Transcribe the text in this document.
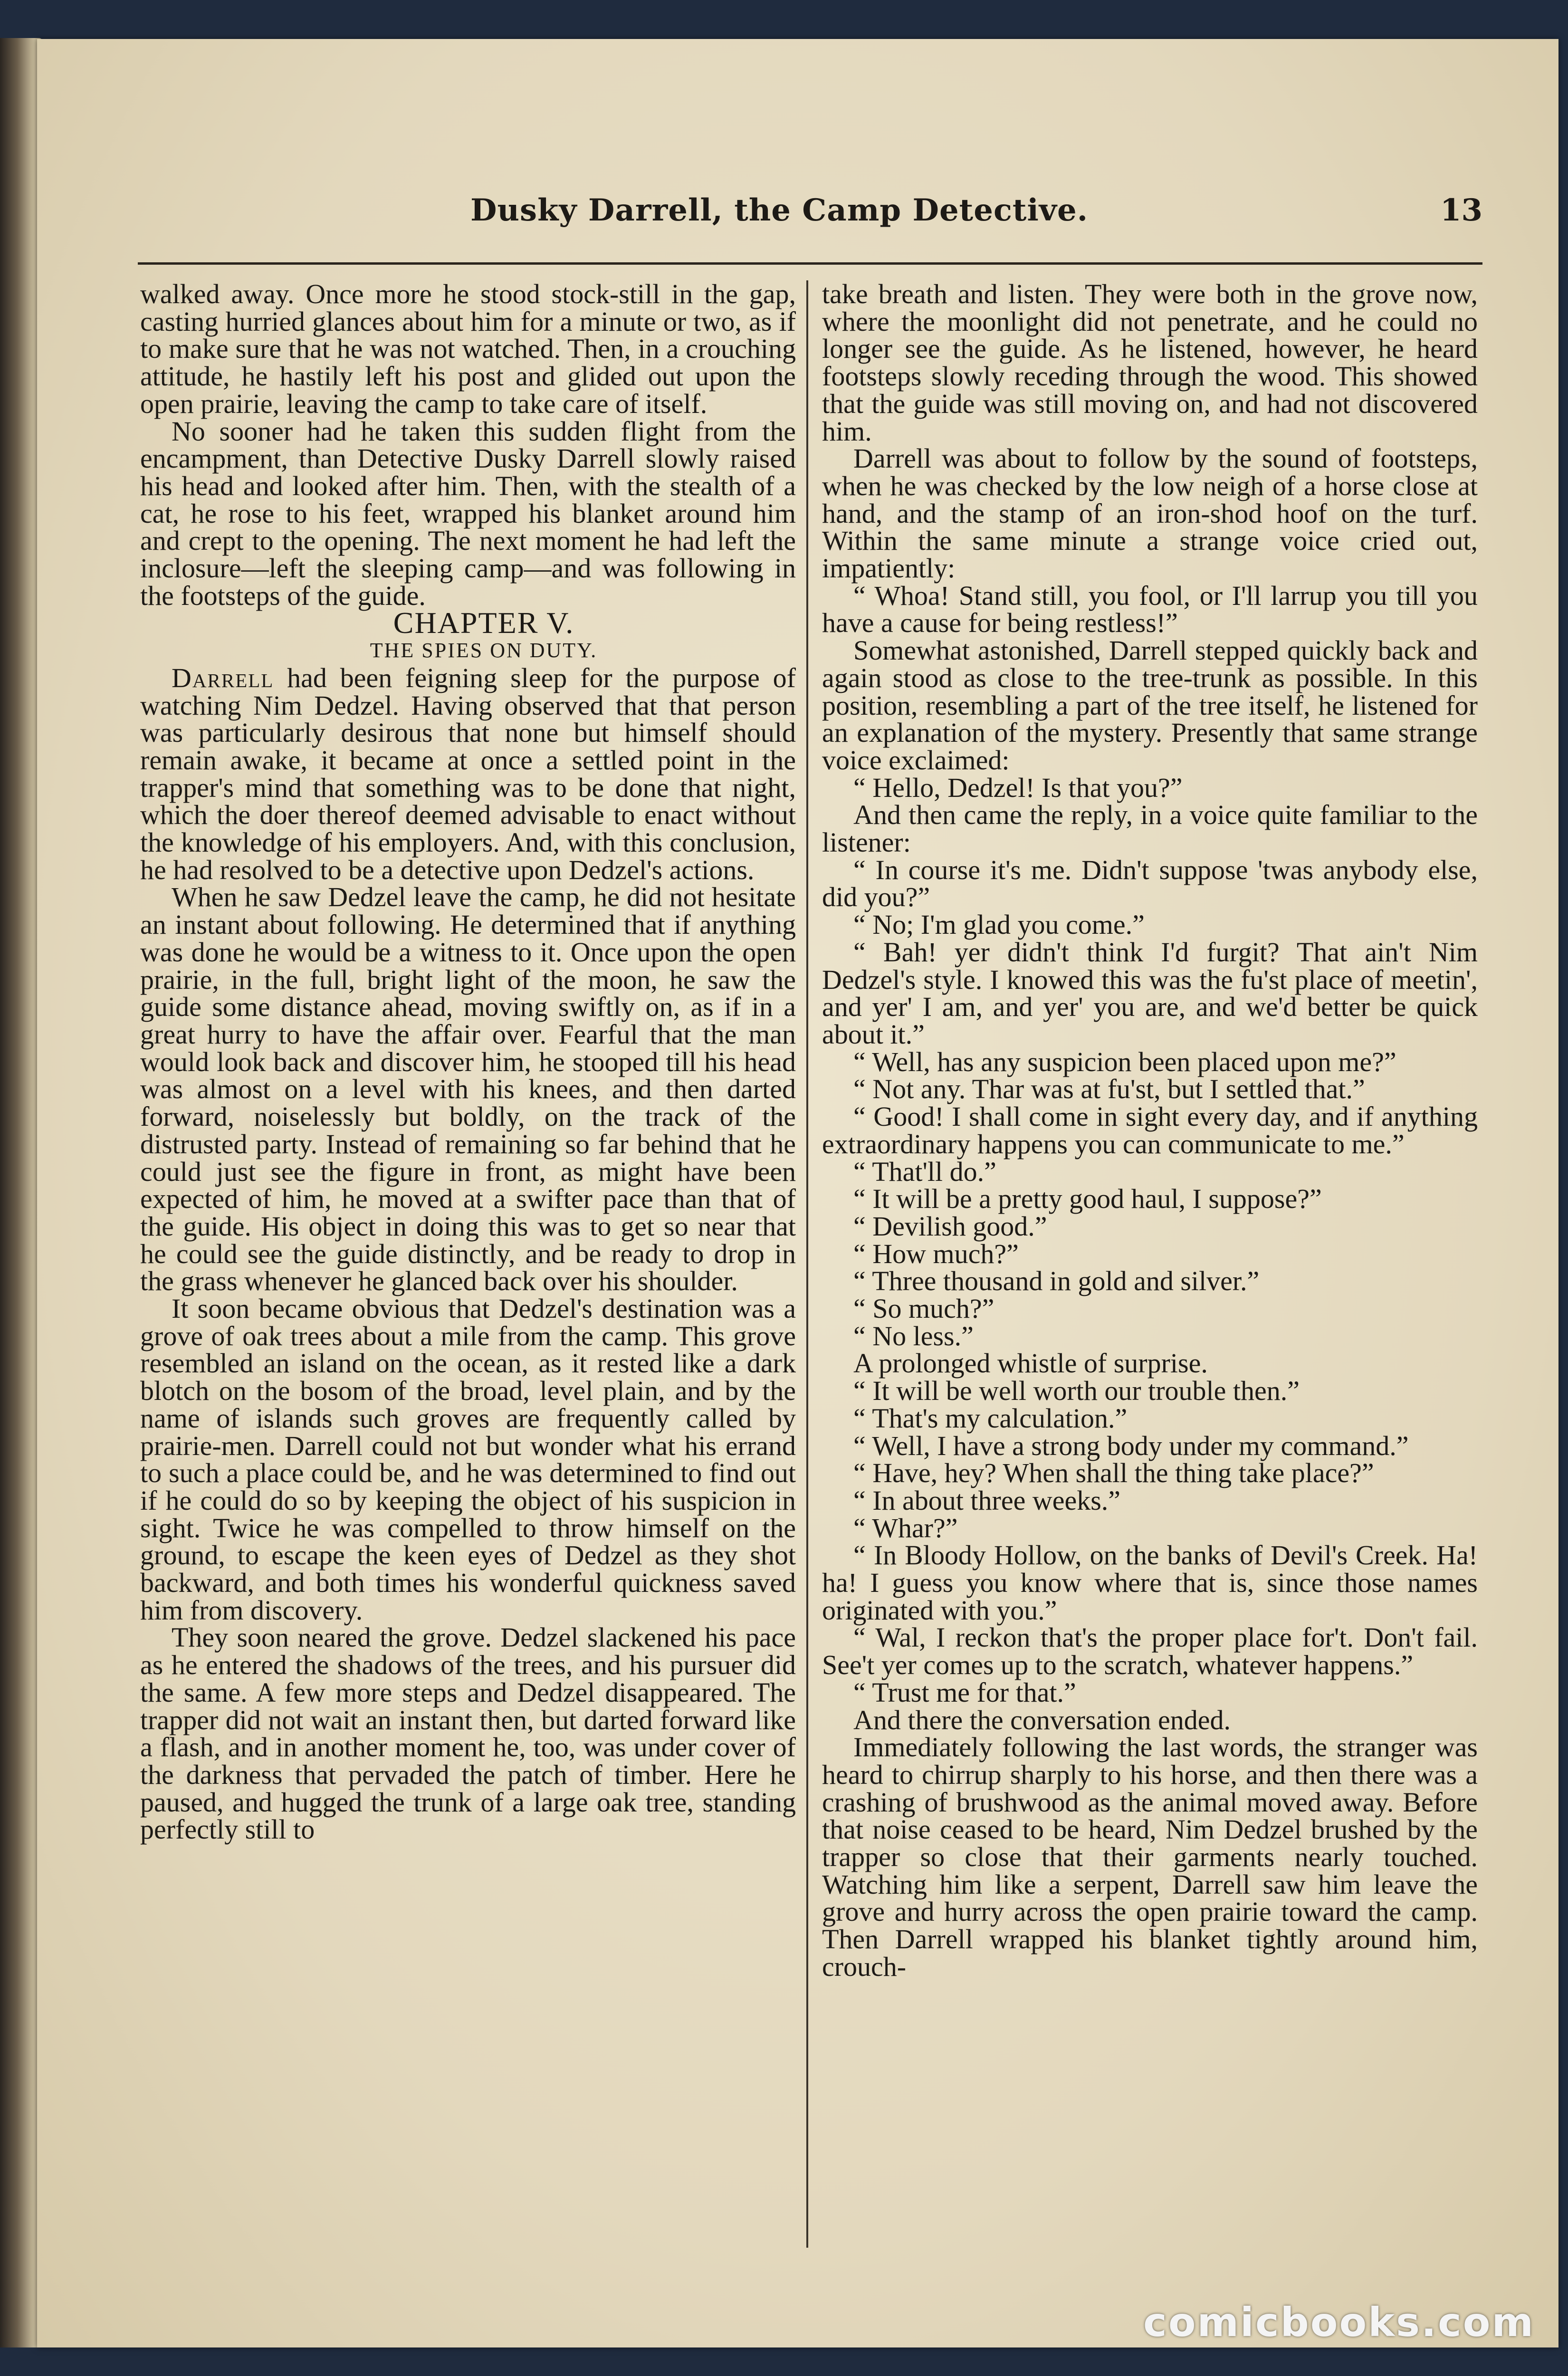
Dusky Darrell, the Camp Detective.	13

walked away. Once more he stood stock-still in the gap, casting hurried glances about him for a minute or two, as if to make sure that he was not watched. Then, in a crouching attitude, he hastily left his post and glided out upon the open prairie, leaving the camp to take care of itself.

No sooner had he taken this sudden flight from the encampment, than Detective Dusky Darrell slowly raised his head and looked after him. Then, with the stealth of a cat, he rose to his feet, wrapped his blanket around him and crept to the opening. The next moment he had left the inclosure—left the sleeping camp—and was following in the footsteps of the guide.

CHAPTER V.

THE SPIES ON DUTY.

Darrell had been feigning sleep for the purpose of watching Nim Dedzel. Having observed that that person was particularly desirous that none but himself should remain awake, it became at once a settled point in the trapper's mind that something was to be done that night, which the doer thereof deemed advisable to enact without the knowledge of his employers. And, with this conclusion, he had resolved to be a detective upon Dedzel's actions.

When he saw Dedzel leave the camp, he did not hesitate an instant about following. He determined that if anything was done he would be a witness to it. Once upon the open prairie, in the full, bright light of the moon, he saw the guide some distance ahead, moving swiftly on, as if in a great hurry to have the affair over. Fearful that the man would look back and discover him, he stooped till his head was almost on a level with his knees, and then darted forward, noiselessly but boldly, on the track of the distrusted party. Instead of remaining so far behind that he could just see the figure in front, as might have been expected of him, he moved at a swifter pace than that of the guide. His object in doing this was to get so near that he could see the guide distinctly, and be ready to drop in the grass whenever he glanced back over his shoulder.

It soon became obvious that Dedzel's destination was a grove of oak trees about a mile from the camp. This grove resembled an island on the ocean, as it rested like a dark blotch on the bosom of the broad, level plain, and by the name of islands such groves are frequently called by prairie-men. Darrell could not but wonder what his errand to such a place could be, and he was determined to find out if he could do so by keeping the object of his suspicion in sight. Twice he was compelled to throw himself on the ground, to escape the keen eyes of Dedzel as they shot backward, and both times his wonderful quickness saved him from discovery.

They soon neared the grove. Dedzel slackened his pace as he entered the shadows of the trees, and his pursuer did the same. A few more steps and Dedzel disappeared. The trapper did not wait an instant then, but darted forward like a flash, and in another moment he, too, was under cover of the darkness that pervaded the patch of timber. Here he paused, and hugged the trunk of a large oak tree, standing perfectly still to

take breath and listen. They were both in the grove now, where the moonlight did not penetrate, and he could no longer see the guide. As he listened, however, he heard footsteps slowly receding through the wood. This showed that the guide was still moving on, and had not discovered him.

Darrell was about to follow by the sound of footsteps, when he was checked by the low neigh of a horse close at hand, and the stamp of an iron-shod hoof on the turf. Within the same minute a strange voice cried out, impatiently:

“ Whoa! Stand still, you fool, or I'll larrup you till you have a cause for being restless!”

Somewhat astonished, Darrell stepped quickly back and again stood as close to the tree-trunk as possible. In this position, resembling a part of the tree itself, he listened for an explanation of the mystery. Presently that same strange voice exclaimed:

“ Hello, Dedzel! Is that you?”

And then came the reply, in a voice quite familiar to the listener:

“ In course it's me. Didn't suppose 'twas anybody else, did you?”

“ No; I'm glad you come.”

“ Bah! yer didn't think I'd furgit? That ain't Nim Dedzel's style. I knowed this was the fu'st place of meetin', and yer' I am, and yer' you are, and we'd better be quick about it.”

“ Well, has any suspicion been placed upon me?”

“ Not any. Thar was at fu'st, but I settled that.”

“ Good! I shall come in sight every day, and if anything extraordinary happens you can communicate to me.”

“ That'll do.”

“ It will be a pretty good haul, I suppose?”

“ Devilish good.”

“ How much?”

“ Three thousand in gold and silver.”

“ So much?”

“ No less.”

A prolonged whistle of surprise.

“ It will be well worth our trouble then.”

“ That's my calculation.”

“ Well, I have a strong body under my command.”

“ Have, hey? When shall the thing take place?”

“ In about three weeks.”

“ Whar?”

“ In Bloody Hollow, on the banks of Devil's Creek. Ha! ha! I guess you know where that is, since those names originated with you.”

“ Wal, I reckon that's the proper place for't. Don't fail. See't yer comes up to the scratch, whatever happens.”

“ Trust me for that.”

And there the conversation ended.

Immediately following the last words, the stranger was heard to chirrup sharply to his horse, and then there was a crashing of brushwood as the animal moved away. Before that noise ceased to be heard, Nim Dedzel brushed by the trapper so close that their garments nearly touched. Watching him like a serpent, Darrell saw him leave the grove and hurry across the open prairie toward the camp. Then Darrell wrapped his blanket tightly around him, crouch-

comicbooks.com
